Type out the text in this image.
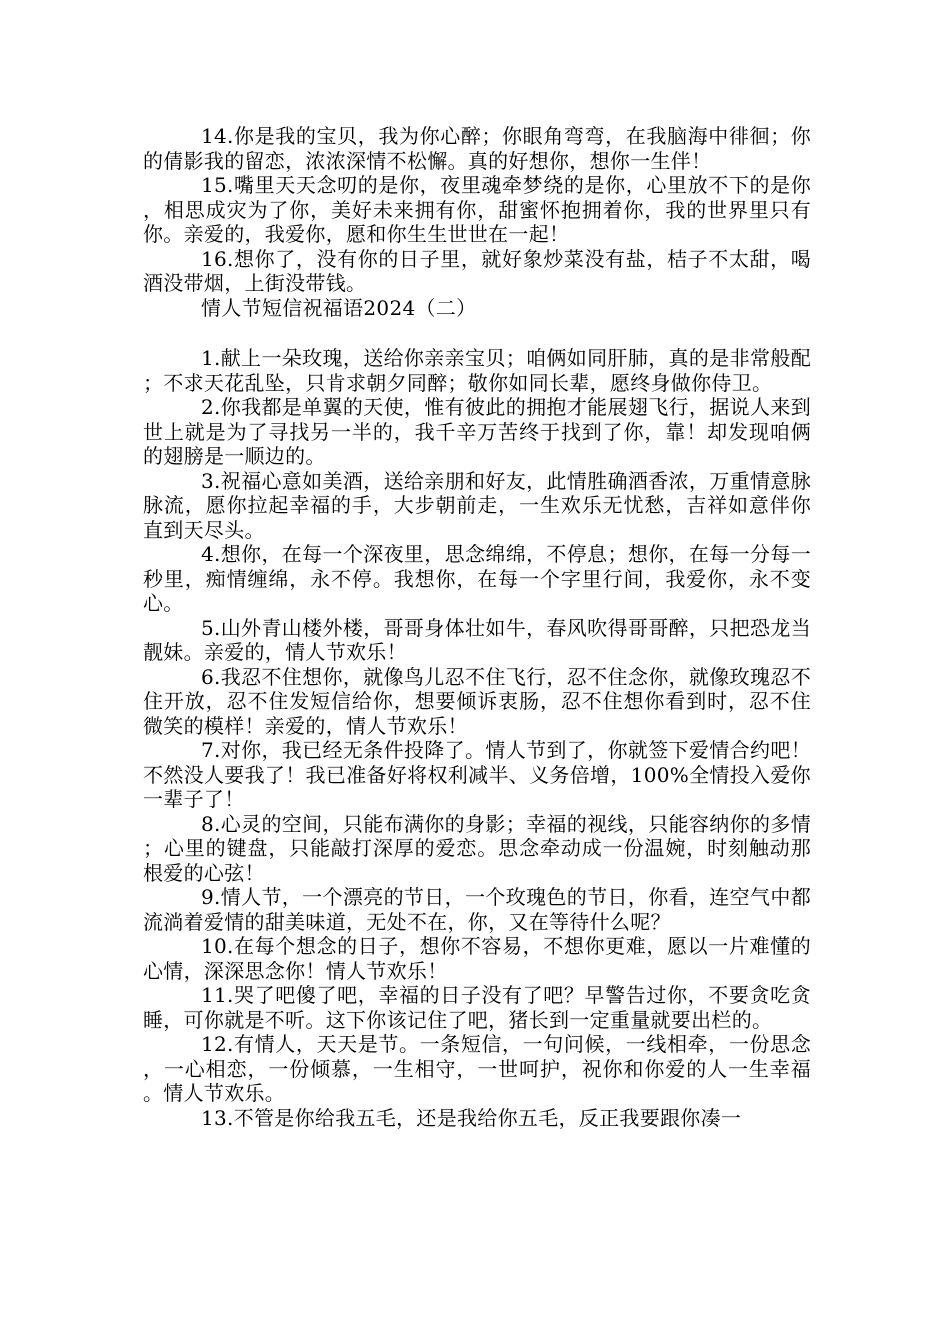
14.你是我的宝贝，我为你心醉；你眼角弯弯，在我脑海中徘徊；你的倩影我的留恋，浓浓深情不松懈。真的好想你，想你一生伴！

15.嘴里天天念叨的是你，夜里魂牵梦绕的是你，心里放不下的是你，相思成灾为了你，美好未来拥有你，甜蜜怀抱拥着你，我的世界里只有你。亲爱的，我爱你，愿和你生生世世在一起！

16.想你了，没有你的日子里，就好象炒菜没有盐，桔子不太甜，喝酒没带烟，上街没带钱。

情人节短信祝福语2024（二）

1.献上一朵玫瑰，送给你亲亲宝贝；咱俩如同肝肺，真的是非常般配；不求天花乱坠，只肯求朝夕同醉；敬你如同长辈，愿终身做你侍卫。

2.你我都是单翼的天使，惟有彼此的拥抱才能展翅飞行，据说人来到世上就是为了寻找另一半的，我千辛万苦终于找到了你，靠！却发现咱俩的翅膀是一顺边的。

3.祝福心意如美酒，送给亲朋和好友，此情胜确酒香浓，万重情意脉脉流，愿你拉起幸福的手，大步朝前走，一生欢乐无忧愁，吉祥如意伴你直到天尽头。

4.想你，在每一个深夜里，思念绵绵，不停息；想你，在每一分每一秒里，痴情缠绵，永不停。我想你，在每一个字里行间，我爱你，永不变心。

5.山外青山楼外楼，哥哥身体壮如牛，春风吹得哥哥醉，只把恐龙当靓妹。亲爱的，情人节欢乐！

6.我忍不住想你，就像鸟儿忍不住飞行，忍不住念你，就像玫瑰忍不住开放，忍不住发短信给你，想要倾诉衷肠，忍不住想你看到时，忍不住微笑的模样！亲爱的，情人节欢乐！

7.对你，我已经无条件投降了。情人节到了，你就签下爱情合约吧！不然没人要我了！我已准备好将权利减半、义务倍增，100%全情投入爱你一辈子了！

8.心灵的空间，只能布满你的身影；幸福的视线，只能容纳你的多情；心里的键盘，只能敲打深厚的爱恋。思念牵动成一份温婉，时刻触动那根爱的心弦！

9.情人节，一个漂亮的节日，一个玫瑰色的节日，你看，连空气中都流淌着爱情的甜美味道，无处不在，你，又在等待什么呢？

10.在每个想念的日子，想你不容易，不想你更难，愿以一片难懂的心情，深深思念你！情人节欢乐！

11.哭了吧傻了吧，幸福的日子没有了吧？早警告过你，不要贪吃贪睡，可你就是不听。这下你该记住了吧，猪长到一定重量就要出栏的。

12.有情人，天天是节。一条短信，一句问候，一线相牵，一份思念，一心相恋，一份倾慕，一生相守，一世呵护，祝你和你爱的人一生幸福。情人节欢乐。

13.不管是你给我五毛，还是我给你五毛，反正我要跟你凑一
